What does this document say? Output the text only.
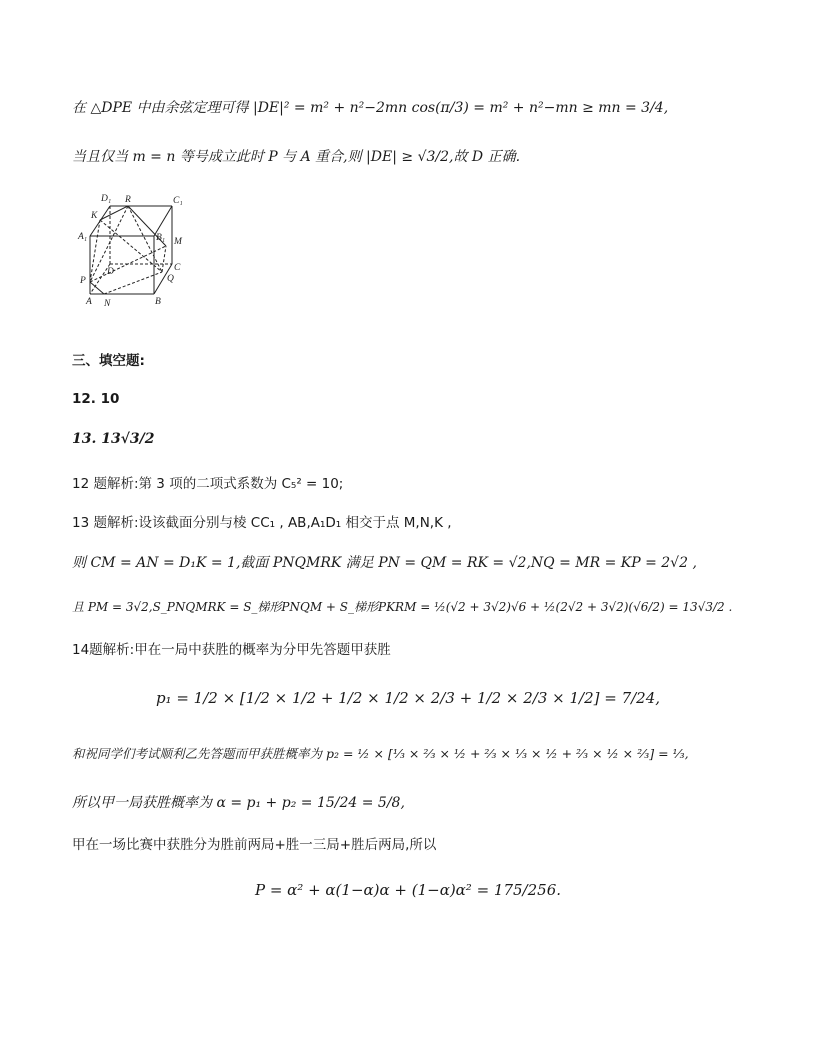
在 △DPE 中由余弦定理可得 |DE|² = m² + n²−2mn cos(π/3) = m² + n²−mn ≥ mn = 3/4,
当且仅当 m = n 等号成立此时 P 与 A 重合,则 |DE| ≥ √3/2,故 D 正确.
D₁ R	C₁
K
A₁	B₁ M
D	C
P	Q
A N	B
三、填空题:
12. 10
13. 13√3/2
12 题解析:第 3 项的二项式系数为 C₅² = 10;
13 题解析:设该截面分别与棱 CC₁ , AB,A₁D₁ 相交于点 M,N,K ,
则 CM = AN = D₁K = 1,截面 PNQMRK 满足 PN = QM = RK = √2,NQ = MR = KP = 2√2 ,
且 PM = 3√2,S_PNQMRK = S_梯形PNQM + S_梯形PKRM = ½(√2 + 3√2)√6 + ½(2√2 + 3√2)(√6/2) = 13√3/2 .
14题解析:甲在一局中获胜的概率为分甲先答题甲获胜
p₁ = 1/2 × [1/2 × 1/2 + 1/2 × 1/2 × 2/3 + 1/2 × 2/3 × 1/2] = 7/24,
和祝同学们考试顺利乙先答题而甲获胜概率为 p₂ = ½ × [⅓ × ⅔ × ½ + ⅔ × ⅓ × ½ + ⅔ × ½ × ⅔] = ⅓,
所以甲一局获胜概率为 α = p₁ + p₂ = 15/24 = 5/8,
甲在一场比赛中获胜分为胜前两局+胜一三局+胜后两局,所以
P = α² + α(1−α)α + (1−α)α² = 175/256.
